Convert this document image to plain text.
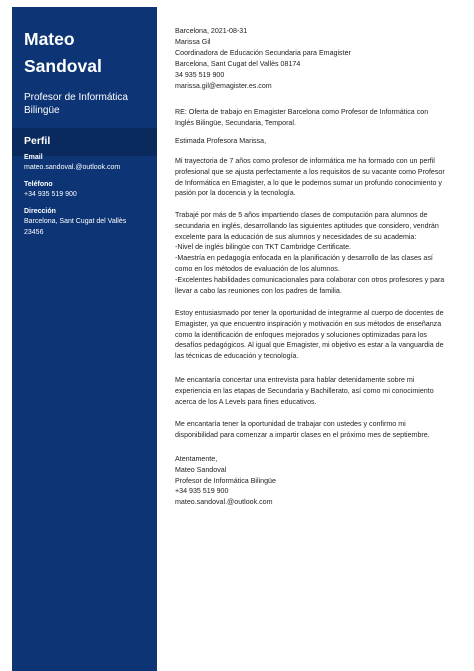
Mateo
Sandoval
Profesor de Informática
Bilingüe
Perfil
Email
mateo.sandoval.@outlook.com
Teléfono
+34 935 519 900
Dirección
Barcelona, Sant Cugat del Vallès
23456
Barcelona, 2021-08-31
Marissa Gil
Coordinadora de Educación Secundaria para Emagister
Barcelona, Sant Cugat del Vallès 08174
34 935 519 900
marissa.gil@emagister.es.com
RE: Oferta de trabajo en Emagister Barcelona como Profesor de Informática con
Inglés Bilingüe, Secundaria, Temporal.
Estimada Profesora Marissa,
Mi trayectoria de 7 años como profesor de informática me ha formado con un perfil
profesional que se ajusta perfectamente a los requisitos de su vacante como Profesor
de Informática en Emagister, a lo que le podemos sumar un profundo conocimiento y
pasión por la docencia y la tecnología.
Trabajé por más de 5 años impartiendo clases de computación para alumnos de
secundaria en inglés, desarrollando las siguientes aptitudes que considero, vendrán
excelente para la educación de sus alumnos y necesidades de su academia:
-Nivel de inglés bilingüe con TKT Cambridge Certificate.
-Maestría en pedagogía enfocada en la planificación y desarrollo de las clases así
como en los métodos de evaluación de los alumnos.
-Excelentes habilidades comunicacionales para colaborar con otros profesores y para
llevar a cabo las reuniones con los padres de familia.
Estoy entusiasmado por tener la oportunidad de integrarme al cuerpo de docentes de
Emagister, ya que encuentro inspiración y motivación en sus métodos de enseñanza
como la identificación de enfoques mejorados y soluciones optimizadas para los
desafíos pedagógicos. Al igual que Emagister, mi objetivo es estar a la vanguardia de
las técnicas de educación y tecnología.
Me encantaría concertar una entrevista para hablar detenidamente sobre mi
experiencia en las etapas de Secundaria y Bachillerato, así como mi conocimiento
acerca de los A Levels para fines educativos.
Me encantaría tener la oportunidad de trabajar con ustedes y confirmo mi
disponibilidad para comenzar a impartir clases en el próximo mes de septiembre.
Atentamente,
Mateo Sandoval
Profesor de Informática Bilingüe
+34 935 519 900
mateo.sandoval.@outlook.com
